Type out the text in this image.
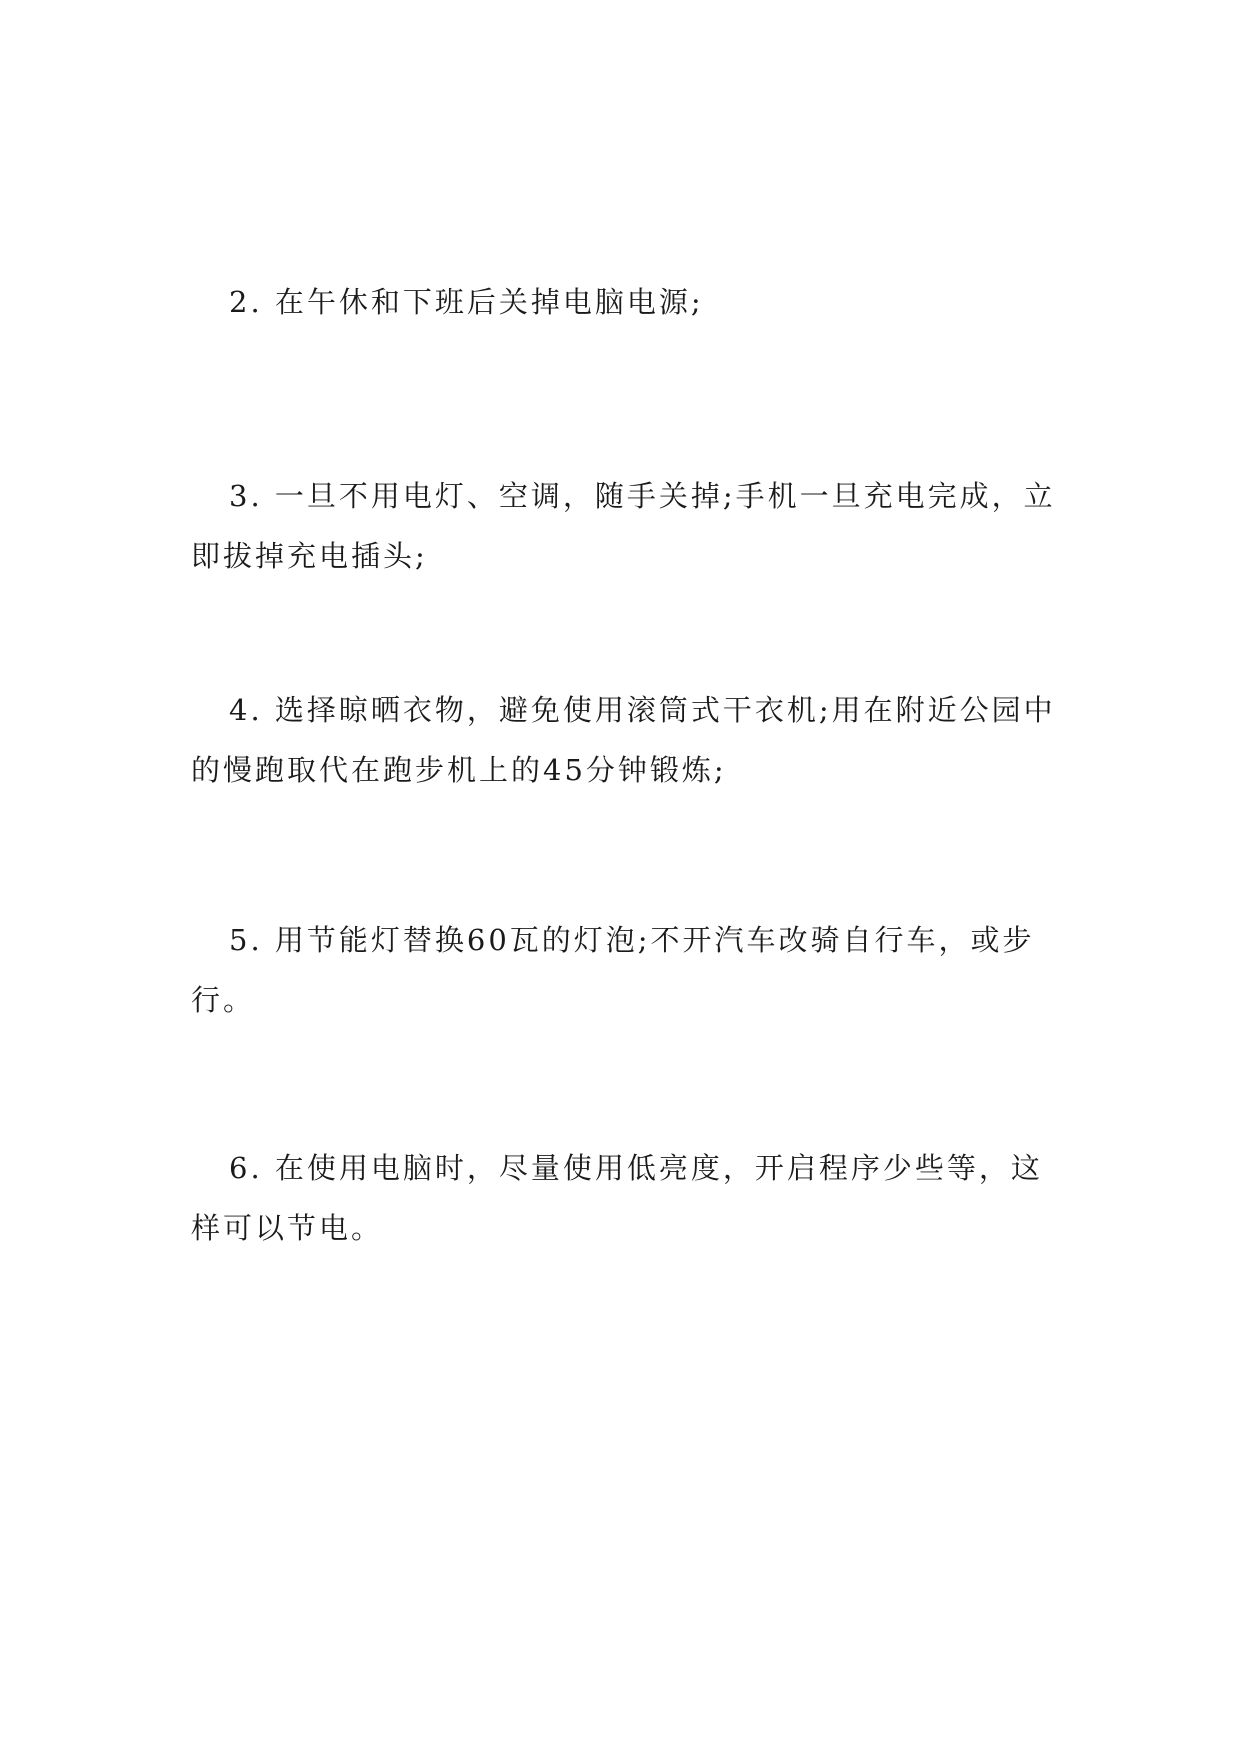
2. 在午休和下班后关掉电脑电源;

3. 一旦不用电灯、空调，随手关掉;手机一旦充电完成，立即拔掉充电插头;

4. 选择晾晒衣物，避免使用滚筒式干衣机;用在附近公园中的慢跑取代在跑步机上的45分钟锻炼;

5. 用节能灯替换60瓦的灯泡;不开汽车改骑自行车，或步行。

6. 在使用电脑时，尽量使用低亮度，开启程序少些等，这样可以节电。
